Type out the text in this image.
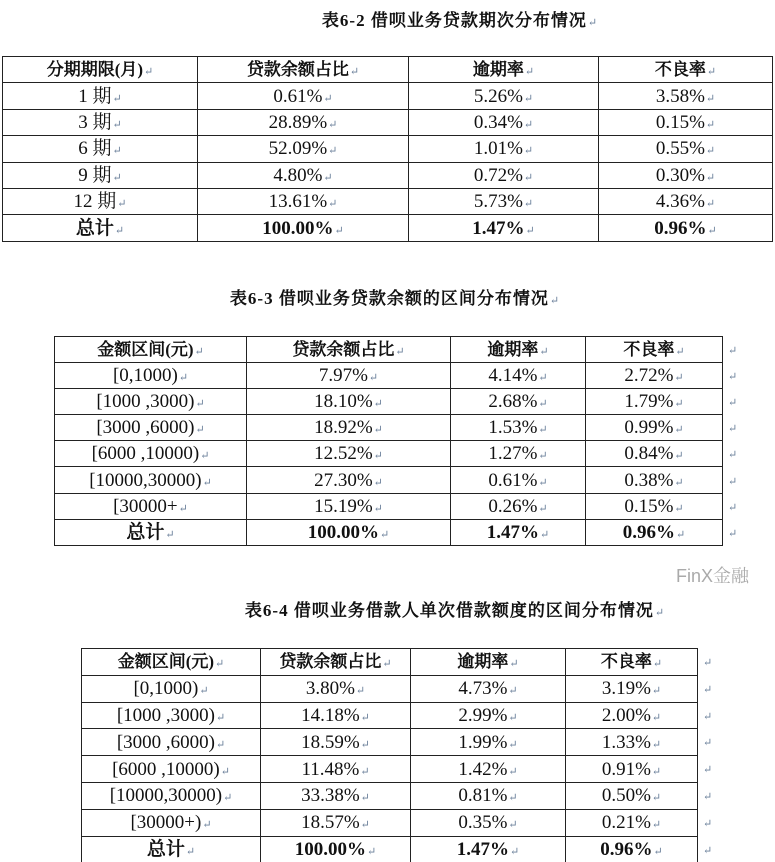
FinX金融
表6-2 借呗业务贷款期次分布情况↵
分期期限(月)↵	贷款余额占比↵	逾期率↵	不良率↵
1 期↵	0.61%↵	5.26%↵	3.58%↵
3 期↵	28.89%↵	0.34%↵	0.15%↵
6 期↵	52.09%↵	1.01%↵	0.55%↵
9 期↵	4.80%↵	0.72%↵	0.30%↵
12 期↵	13.61%↵	5.73%↵	4.36%↵
总计↵	100.00%↵	1.47%↵	0.96%↵
表6-3 借呗业务贷款余额的区间分布情况↵
↵
↵
↵
↵
↵
↵
↵
↵
金额区间(元)↵	贷款余额占比↵	逾期率↵	不良率↵
[0,1000)↵	7.97%↵	4.14%↵	2.72%↵
[1000 ,3000)↵	18.10%↵	2.68%↵	1.79%↵
[3000 ,6000)↵	18.92%↵	1.53%↵	0.99%↵
[6000 ,10000)↵	12.52%↵	1.27%↵	0.84%↵
[10000,30000)↵	27.30%↵	0.61%↵	0.38%↵
[30000+↵	15.19%↵	0.26%↵	0.15%↵
总计↵	100.00%↵	1.47%↵	0.96%↵
表6-4 借呗业务借款人单次借款额度的区间分布情况↵
↵
↵
↵
↵
↵
↵
↵
↵
金额区间(元)↵	贷款余额占比↵	逾期率↵	不良率↵
[0,1000)↵	3.80%↵	4.73%↵	3.19%↵
[1000 ,3000)↵	14.18%↵	2.99%↵	2.00%↵
[3000 ,6000)↵	18.59%↵	1.99%↵	1.33%↵
[6000 ,10000)↵	11.48%↵	1.42%↵	0.91%↵
[10000,30000)↵	33.38%↵	0.81%↵	0.50%↵
[30000+)↵	18.57%↵	0.35%↵	0.21%↵
总计↵	100.00%↵	1.47%↵	0.96%↵
